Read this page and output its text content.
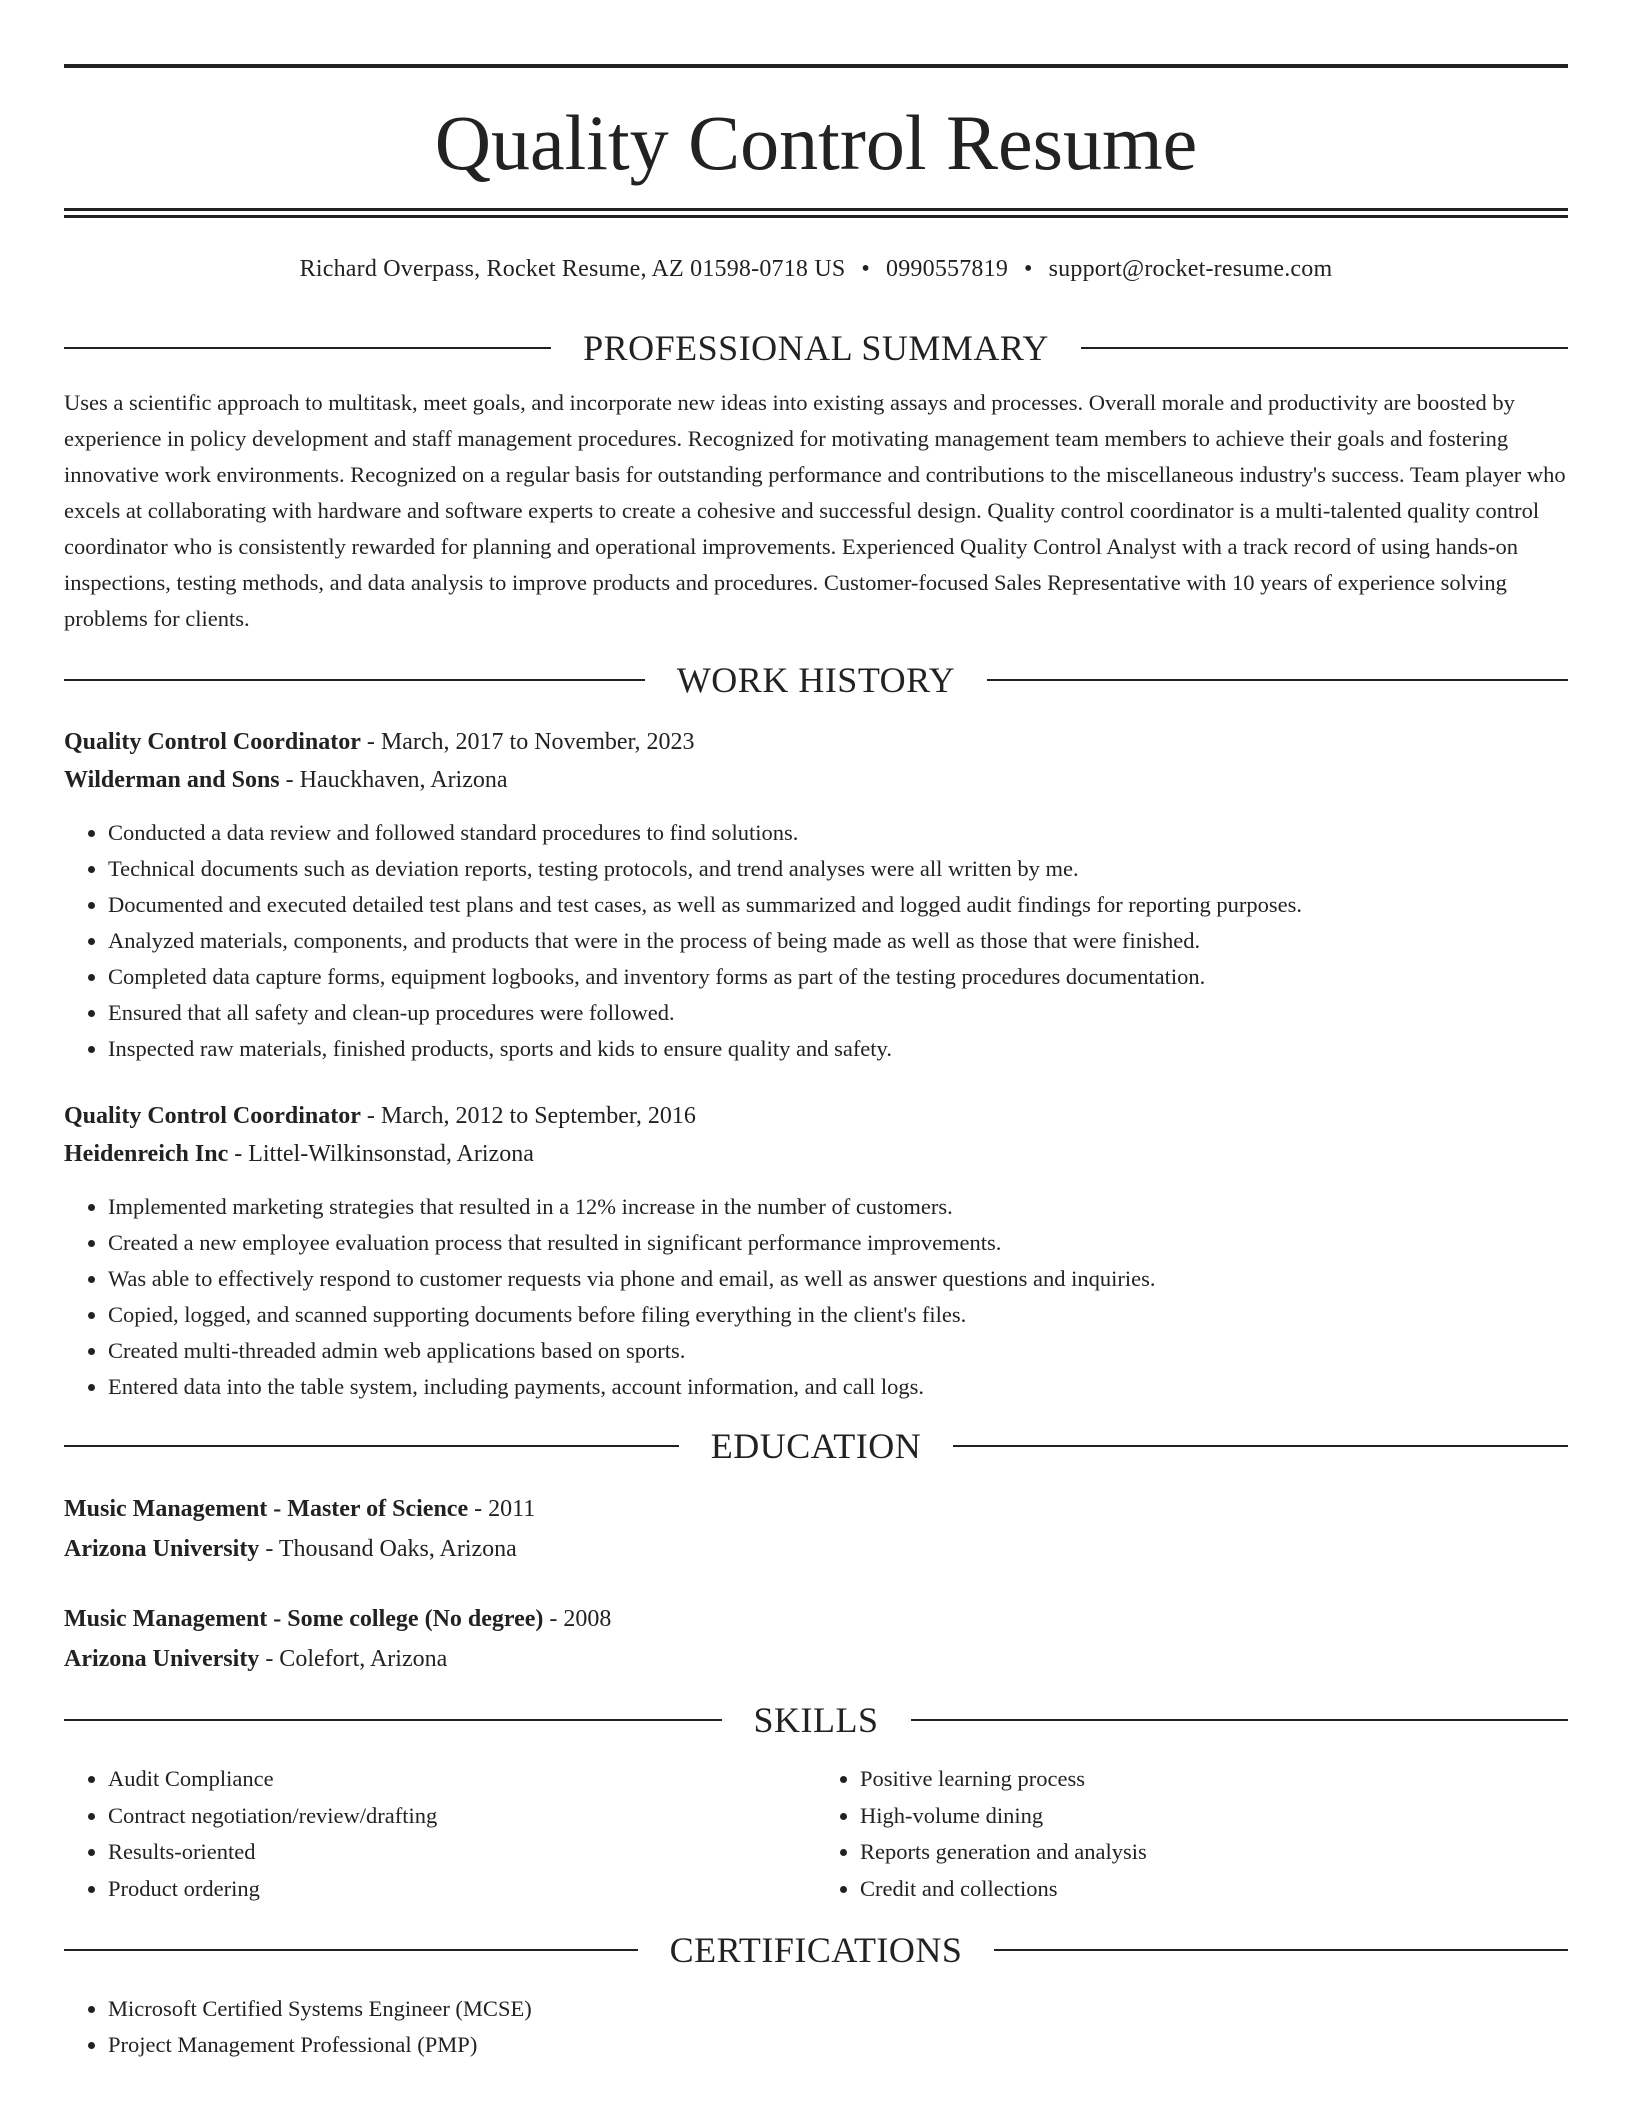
Quality Control Resume
Richard Overpass, Rocket Resume, AZ 01598-0718 US • 0990557819 • support@rocket-resume.com
PROFESSIONAL SUMMARY

Uses a scientific approach to multitask, meet goals, and incorporate new ideas into existing assays and processes. Overall morale and productivity are boosted by experience in policy development and staff management procedures. Recognized for motivating management team members to achieve their goals and fostering innovative work environments. Recognized on a regular basis for outstanding performance and contributions to the miscellaneous industry's success. Team player who excels at collaborating with hardware and software experts to create a cohesive and successful design. Quality control coordinator is a multi-talented quality control coordinator who is consistently rewarded for planning and operational improvements. Experienced Quality Control Analyst with a track record of using hands-on inspections, testing methods, and data analysis to improve products and procedures. Customer-focused Sales Representative with 10 years of experience solving problems for clients.

WORK HISTORY
Quality Control Coordinator - March, 2017 to November, 2023
Wilderman and Sons - Hauckhaven, Arizona
• Conducted a data review and followed standard procedures to find solutions.
• Technical documents such as deviation reports, testing protocols, and trend analyses were all written by me.
• Documented and executed detailed test plans and test cases, as well as summarized and logged audit findings for reporting purposes.
• Analyzed materials, components, and products that were in the process of being made as well as those that were finished.
• Completed data capture forms, equipment logbooks, and inventory forms as part of the testing procedures documentation.
• Ensured that all safety and clean-up procedures were followed.
• Inspected raw materials, finished products, sports and kids to ensure quality and safety.
Quality Control Coordinator - March, 2012 to September, 2016
Heidenreich Inc - Littel-Wilkinsonstad, Arizona
• Implemented marketing strategies that resulted in a 12% increase in the number of customers.
• Created a new employee evaluation process that resulted in significant performance improvements.
• Was able to effectively respond to customer requests via phone and email, as well as answer questions and inquiries.
• Copied, logged, and scanned supporting documents before filing everything in the client's files.
• Created multi-threaded admin web applications based on sports.
• Entered data into the table system, including payments, account information, and call logs.
EDUCATION
Music Management - Master of Science - 2011
Arizona University - Thousand Oaks, Arizona
Music Management - Some college (No degree) - 2008
Arizona University - Colefort, Arizona
SKILLS
• Audit Compliance
• Contract negotiation/review/drafting
• Results-oriented
• Product ordering
• Positive learning process
• High-volume dining
• Reports generation and analysis
• Credit and collections
CERTIFICATIONS
• Microsoft Certified Systems Engineer (MCSE)
• Project Management Professional (PMP)
